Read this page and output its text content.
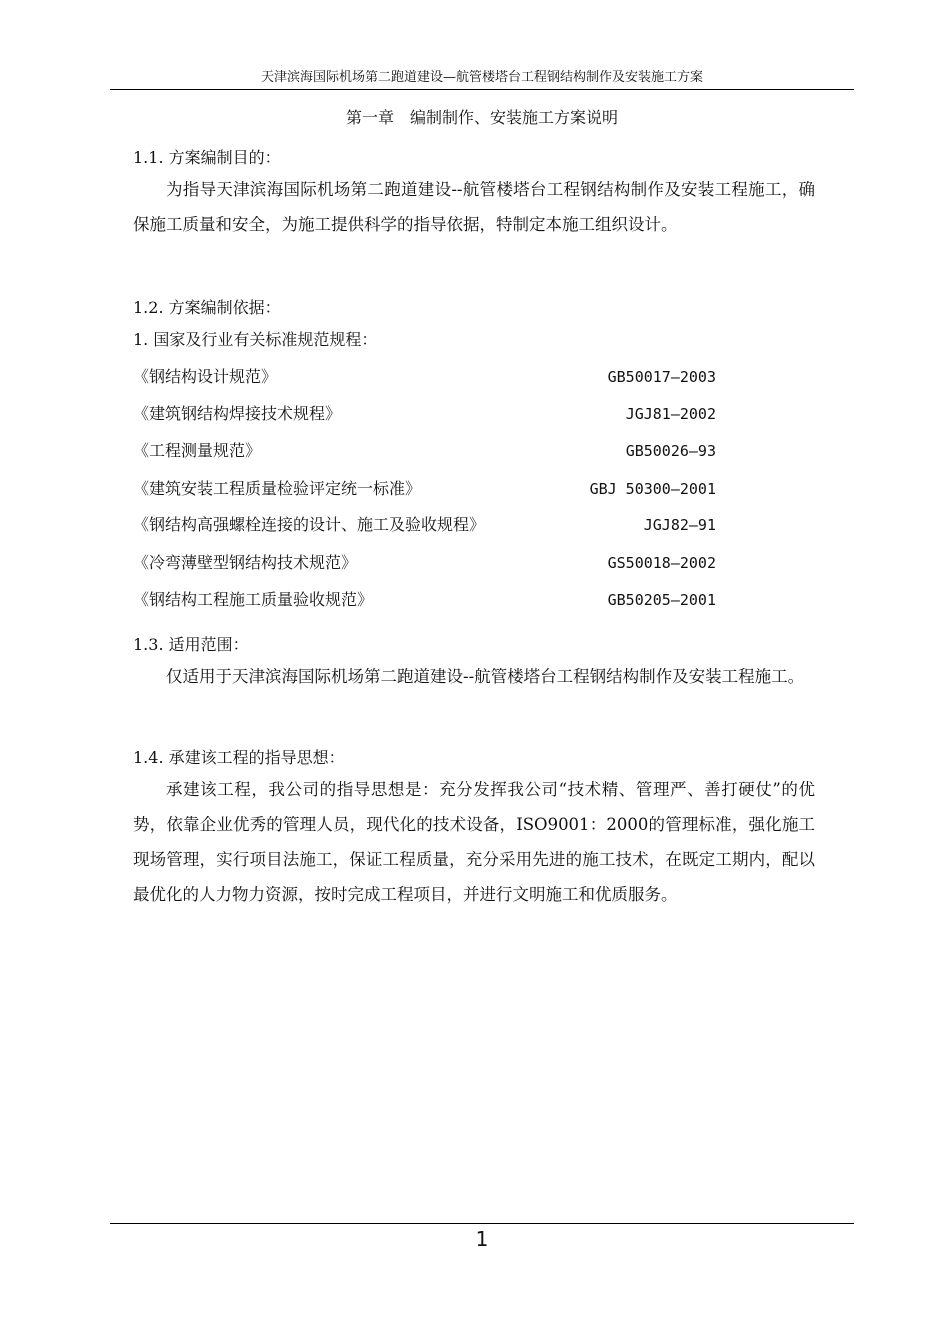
天津滨海国际机场第二跑道建设—航管楼塔台工程钢结构制作及安装施工方案
第一章　编制制作、安装施工方案说明
1.1. 方案编制目的：

为指导天津滨海国际机场第二跑道建设--航管楼塔台工程钢结构制作及安装工程施工，确保施工质量和安全，为施工提供科学的指导依据，特制定本施工组织设计。

1.2. 方案编制依据：
1. 国家及行业有关标准规范规程：
《钢结构设计规范》	GB50017—2003
《建筑钢结构焊接技术规程》	JGJ81—2002
《工程测量规范》	GB50026—93
《建筑安装工程质量检验评定统一标准》	GBJ 50300—2001
《钢结构高强螺栓连接的设计、施工及验收规程》	JGJ82—91
《冷弯薄壁型钢结构技术规范》	GS50018—2002
《钢结构工程施工质量验收规范》	GB50205—2001
1.3. 适用范围：

仅适用于天津滨海国际机场第二跑道建设--航管楼塔台工程钢结构制作及安装工程施工。

1.4. 承建该工程的指导思想：

承建该工程，我公司的指导思想是：充分发挥我公司“技术精、管理严、善打硬仗”的优势，依靠企业优秀的管理人员，现代化的技术设备，ISO9001：2000的管理标准，强化施工现场管理，实行项目法施工，保证工程质量，充分采用先进的施工技术，在既定工期内，配以最优化的人力物力资源，按时完成工程项目，并进行文明施工和优质服务。

1
